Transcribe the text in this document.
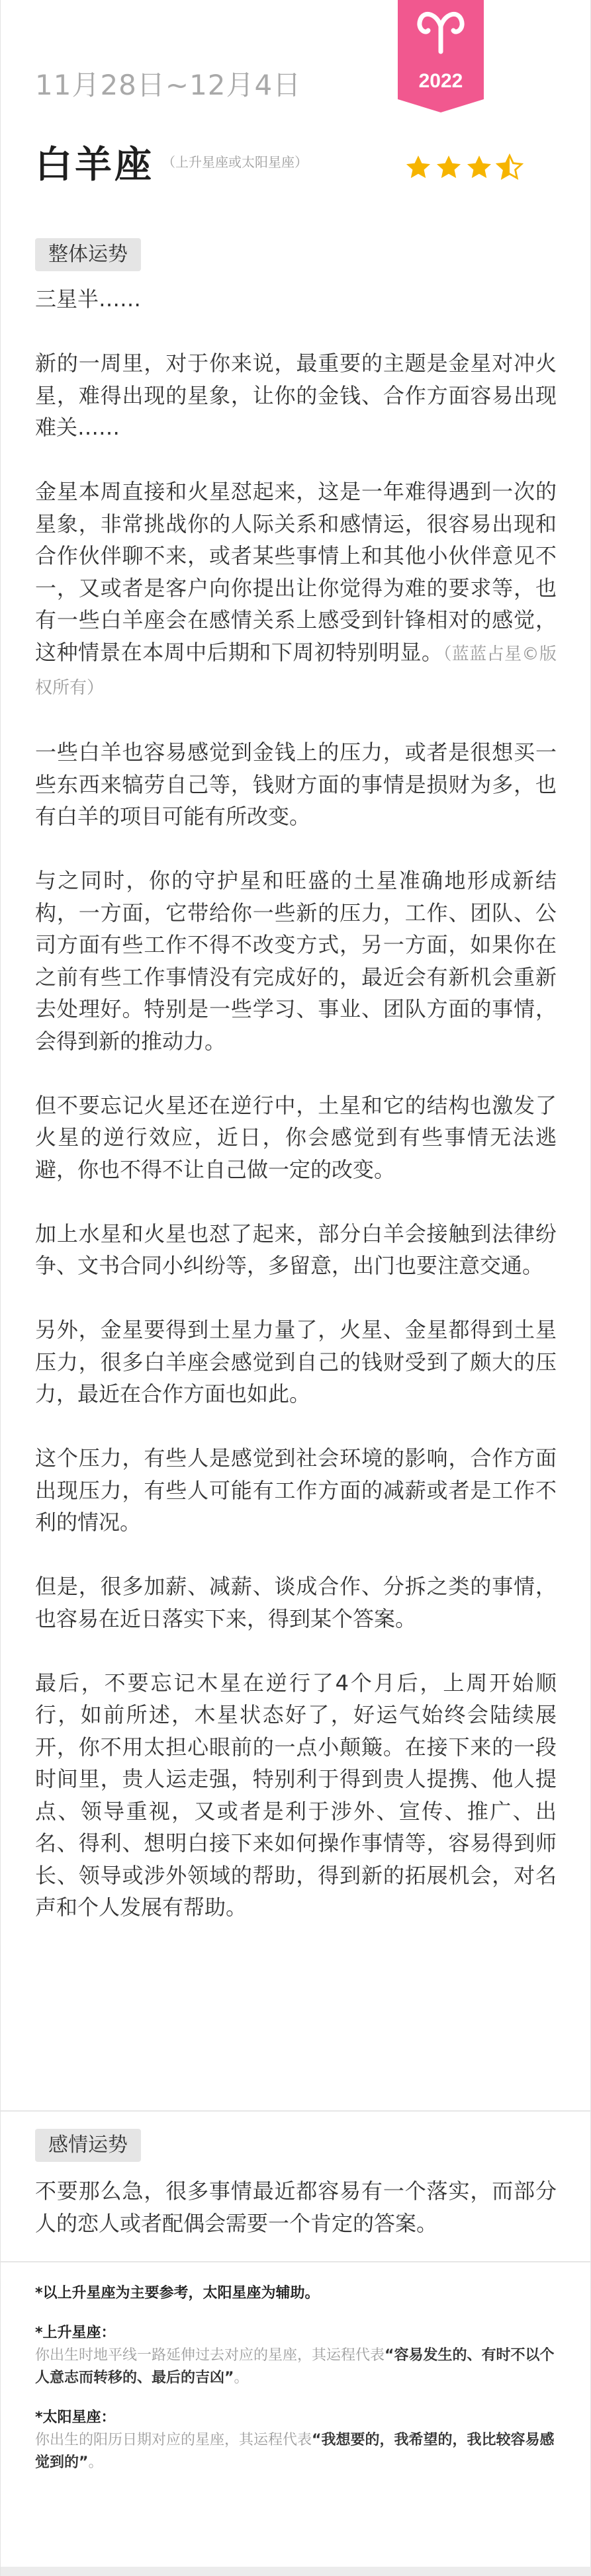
11月28日~12月4日	2022
白羊座 （上升星座或太阳星座）
整体运势

三星半……

新的一周里，对于你来说，最重要的主题是金星对冲火星，难得出现的星象，让你的金钱、合作方面容易出现难关……

金星本周直接和火星怼起来，这是一年难得遇到一次的星象，非常挑战你的人际关系和感情运，很容易出现和合作伙伴聊不来，或者某些事情上和其他小伙伴意见不一，又或者是客户向你提出让你觉得为难的要求等，也有一些白羊座会在感情关系上感受到针锋相对的感觉，这种情景在本周中后期和下周初特别明显。（蓝蓝占星©版权所有）

一些白羊也容易感觉到金钱上的压力，或者是很想买一些东西来犒劳自己等，钱财方面的事情是损财为多，也有白羊的项目可能有所改变。

与之同时，你的守护星和旺盛的土星准确地形成新结构，一方面，它带给你一些新的压力，工作、团队、公司方面有些工作不得不改变方式，另一方面，如果你在之前有些工作事情没有完成好的，最近会有新机会重新去处理好。特别是一些学习、事业、团队方面的事情，会得到新的推动力。

但不要忘记火星还在逆行中，土星和它的结构也激发了火星的逆行效应，近日，你会感觉到有些事情无法逃避，你也不得不让自己做一定的改变。

加上水星和火星也怼了起来，部分白羊会接触到法律纷争、文书合同小纠纷等，多留意，出门也要注意交通。

另外，金星要得到土星力量了，火星、金星都得到土星压力，很多白羊座会感觉到自己的钱财受到了颇大的压力，最近在合作方面也如此。

这个压力，有些人是感觉到社会环境的影响，合作方面出现压力，有些人可能有工作方面的减薪或者是工作不利的情况。

但是，很多加薪、减薪、谈成合作、分拆之类的事情，也容易在近日落实下来，得到某个答案。

最后，不要忘记木星在逆行了4个月后，上周开始顺行，如前所述，木星状态好了，好运气始终会陆续展开，你不用太担心眼前的一点小颠簸。在接下来的一段时间里，贵人运走强，特别利于得到贵人提携、他人提点、领导重视，又或者是利于涉外、宣传、推广、出名、得利、想明白接下来如何操作事情等，容易得到师长、领导或涉外领域的帮助，得到新的拓展机会，对名声和个人发展有帮助。

感情运势

不要那么急，很多事情最近都容易有一个落实，而部分人的恋人或者配偶会需要一个肯定的答案。

*以上升星座为主要参考，太阳星座为辅助。
*上升星座：
你出生时地平线一路延伸过去对应的星座，其运程代表“容易发生的、有时不以个人意志而转移的、最后的吉凶”。
*太阳星座：
你出生的阳历日期对应的星座，其运程代表“我想要的，我希望的，我比较容易感觉到的”。
